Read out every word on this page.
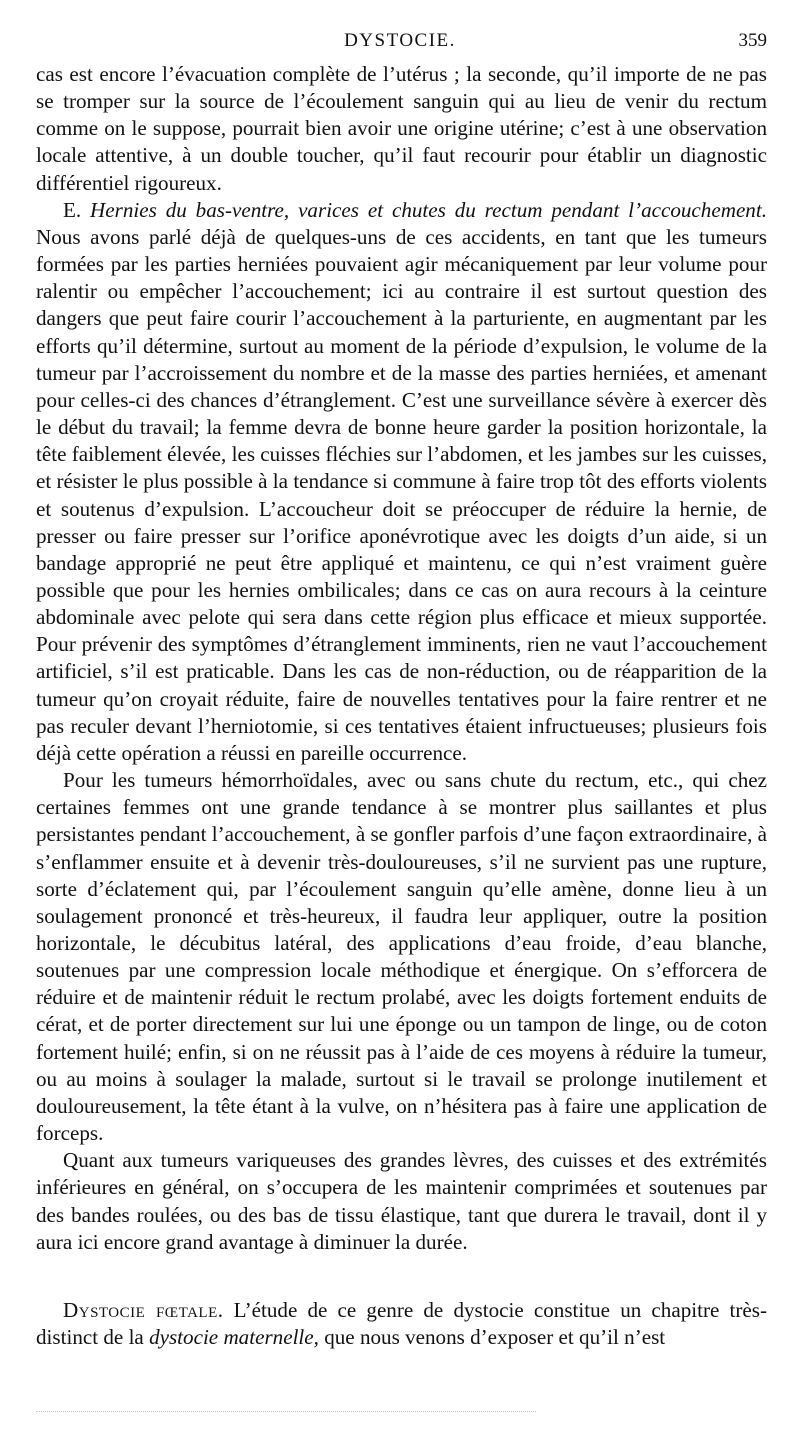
DYSTOCIE.	359

cas est encore l’évacuation complète de l’utérus ; la seconde, qu’il importe de ne pas se tromper sur la source de l’écoulement sanguin qui au lieu de venir du rectum comme on le suppose, pourrait bien avoir une origine utérine; c’est à une observation locale attentive, à un double toucher, qu’il faut recourir pour établir un diagnostic différentiel rigoureux.

E. Hernies du bas-ventre, varices et chutes du rectum pendant l’accouchement. Nous avons parlé déjà de quelques-uns de ces accidents, en tant que les tumeurs formées par les parties herniées pouvaient agir mécaniquement par leur volume pour ralentir ou empêcher l’accouchement; ici au contraire il est surtout question des dangers que peut faire courir l’accouchement à la parturiente, en augmentant par les efforts qu’il détermine, surtout au moment de la période d’expulsion, le volume de la tumeur par l’accroissement du nombre et de la masse des parties herniées, et amenant pour celles-ci des chances d’étranglement. C’est une surveillance sévère à exercer dès le début du travail; la femme devra de bonne heure garder la position horizontale, la tête faiblement élevée, les cuisses fléchies sur l’abdomen, et les jambes sur les cuisses, et résister le plus possible à la tendance si commune à faire trop tôt des efforts violents et soutenus d’expulsion. L’accoucheur doit se préoccuper de réduire la hernie, de presser ou faire presser sur l’orifice aponévrotique avec les doigts d’un aide, si un bandage approprié ne peut être appliqué et maintenu, ce qui n’est vraiment guère possible que pour les hernies ombilicales; dans ce cas on aura recours à la ceinture abdominale avec pelote qui sera dans cette région plus efficace et mieux supportée. Pour prévenir des symptômes d’étranglement imminents, rien ne vaut l’accouchement artificiel, s’il est praticable. Dans les cas de non-réduction, ou de réapparition de la tumeur qu’on croyait réduite, faire de nouvelles tentatives pour la faire rentrer et ne pas reculer devant l’herniotomie, si ces tentatives étaient infructueuses; plusieurs fois déjà cette opération a réussi en pareille occurrence.

Pour les tumeurs hémorrhoïdales, avec ou sans chute du rectum, etc., qui chez certaines femmes ont une grande tendance à se montrer plus saillantes et plus persistantes pendant l’accouchement, à se gonfler parfois d’une façon extraordinaire, à s’enflammer ensuite et à devenir très-douloureuses, s’il ne survient pas une rupture, sorte d’éclatement qui, par l’écoulement sanguin qu’elle amène, donne lieu à un soulagement prononcé et très-heureux, il faudra leur appliquer, outre la position horizontale, le décubitus latéral, des applications d’eau froide, d’eau blanche, soutenues par une compression locale méthodique et énergique. On s’efforcera de réduire et de maintenir réduit le rectum prolabé, avec les doigts fortement enduits de cérat, et de porter directement sur lui une éponge ou un tampon de linge, ou de coton fortement huilé; enfin, si on ne réussit pas à l’aide de ces moyens à réduire la tumeur, ou au moins à soulager la malade, surtout si le travail se prolonge inutilement et douloureusement, la tête étant à la vulve, on n’hésitera pas à faire une application de forceps.

Quant aux tumeurs variqueuses des grandes lèvres, des cuisses et des extrémités inférieures en général, on s’occupera de les maintenir comprimées et soutenues par des bandes roulées, ou des bas de tissu élastique, tant que durera le travail, dont il y aura ici encore grand avantage à diminuer la durée.

Dystocie fœtale. L’étude de ce genre de dystocie constitue un chapitre très-distinct de la dystocie maternelle, que nous venons d’exposer et qu’il n’est
